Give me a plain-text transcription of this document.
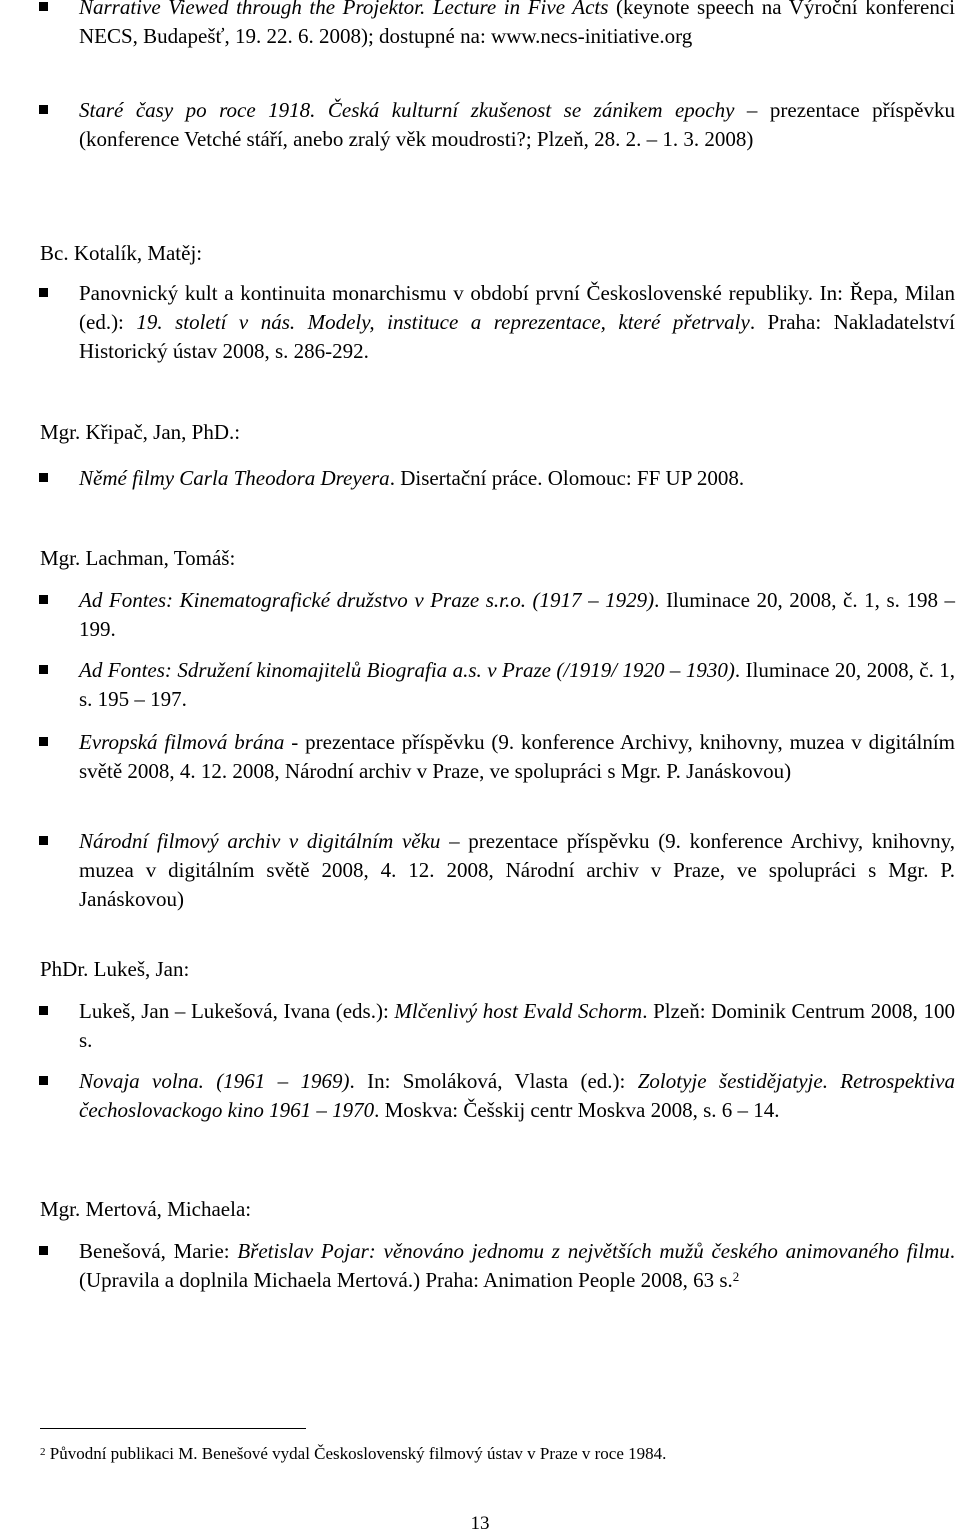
Narrative Viewed through the Projektor. Lecture in Five Acts (keynote speech na Výroční konferenci NECS, Budapešť, 19. 22. 6. 2008); dostupné na: www.necs-initiative.org
Staré časy po roce 1918. Česká kulturní zkušenost se zánikem epochy – prezentace příspěvku (konference Vetché stáří, anebo zralý věk moudrosti?; Plzeň, 28. 2. – 1. 3. 2008)
Bc. Kotalík, Matěj:
Panovnický kult a kontinuita monarchismu v období první Československé republiky. In: Řepa, Milan (ed.): 19. století v nás. Modely, instituce a reprezentace, které přetrvaly. Praha: Nakladatelství Historický ústav 2008, s. 286-292.
Mgr. Křipač, Jan, PhD.:
Němé filmy Carla Theodora Dreyera. Disertační práce. Olomouc: FF UP 2008.
Mgr. Lachman, Tomáš:
Ad Fontes: Kinematografické družstvo v Praze s.r.o. (1917 – 1929). Iluminace 20, 2008, č. 1, s. 198 – 199.
Ad Fontes: Sdružení kinomajitelů Biografia a.s. v Praze (/1919/ 1920 – 1930). Iluminace 20, 2008, č. 1, s. 195 – 197.
Evropská filmová brána - prezentace příspěvku (9. konference Archivy, knihovny, muzea v digitálním světě 2008, 4. 12. 2008, Národní archiv v Praze, ve spolupráci s Mgr. P. Janáskovou)
Národní filmový archiv v digitálním věku – prezentace příspěvku (9. konference Archivy, knihovny, muzea v digitálním světě 2008, 4. 12. 2008, Národní archiv v Praze, ve spolupráci s Mgr. P. Janáskovou)
PhDr. Lukeš, Jan:
Lukeš, Jan – Lukešová, Ivana (eds.): Mlčenlivý host Evald Schorm. Plzeň: Dominik Centrum 2008, 100 s.
Novaja volna. (1961 – 1969). In: Smoláková, Vlasta (ed.): Zolotyje šestidějatyje. Retrospektiva čechoslovackogo kino 1961 – 1970. Moskva: Češskij centr Moskva 2008, s. 6 – 14.
Mgr. Mertová, Michaela:
Benešová, Marie: Břetislav Pojar: věnováno jednomu z největších mužů českého animovaného filmu. (Upravila a doplnila Michaela Mertová.) Praha: Animation People 2008, 63 s.$^2$
$^2$ Původní publikaci M. Benešové vydal Československý filmový ústav v Praze v roce 1984.
13
